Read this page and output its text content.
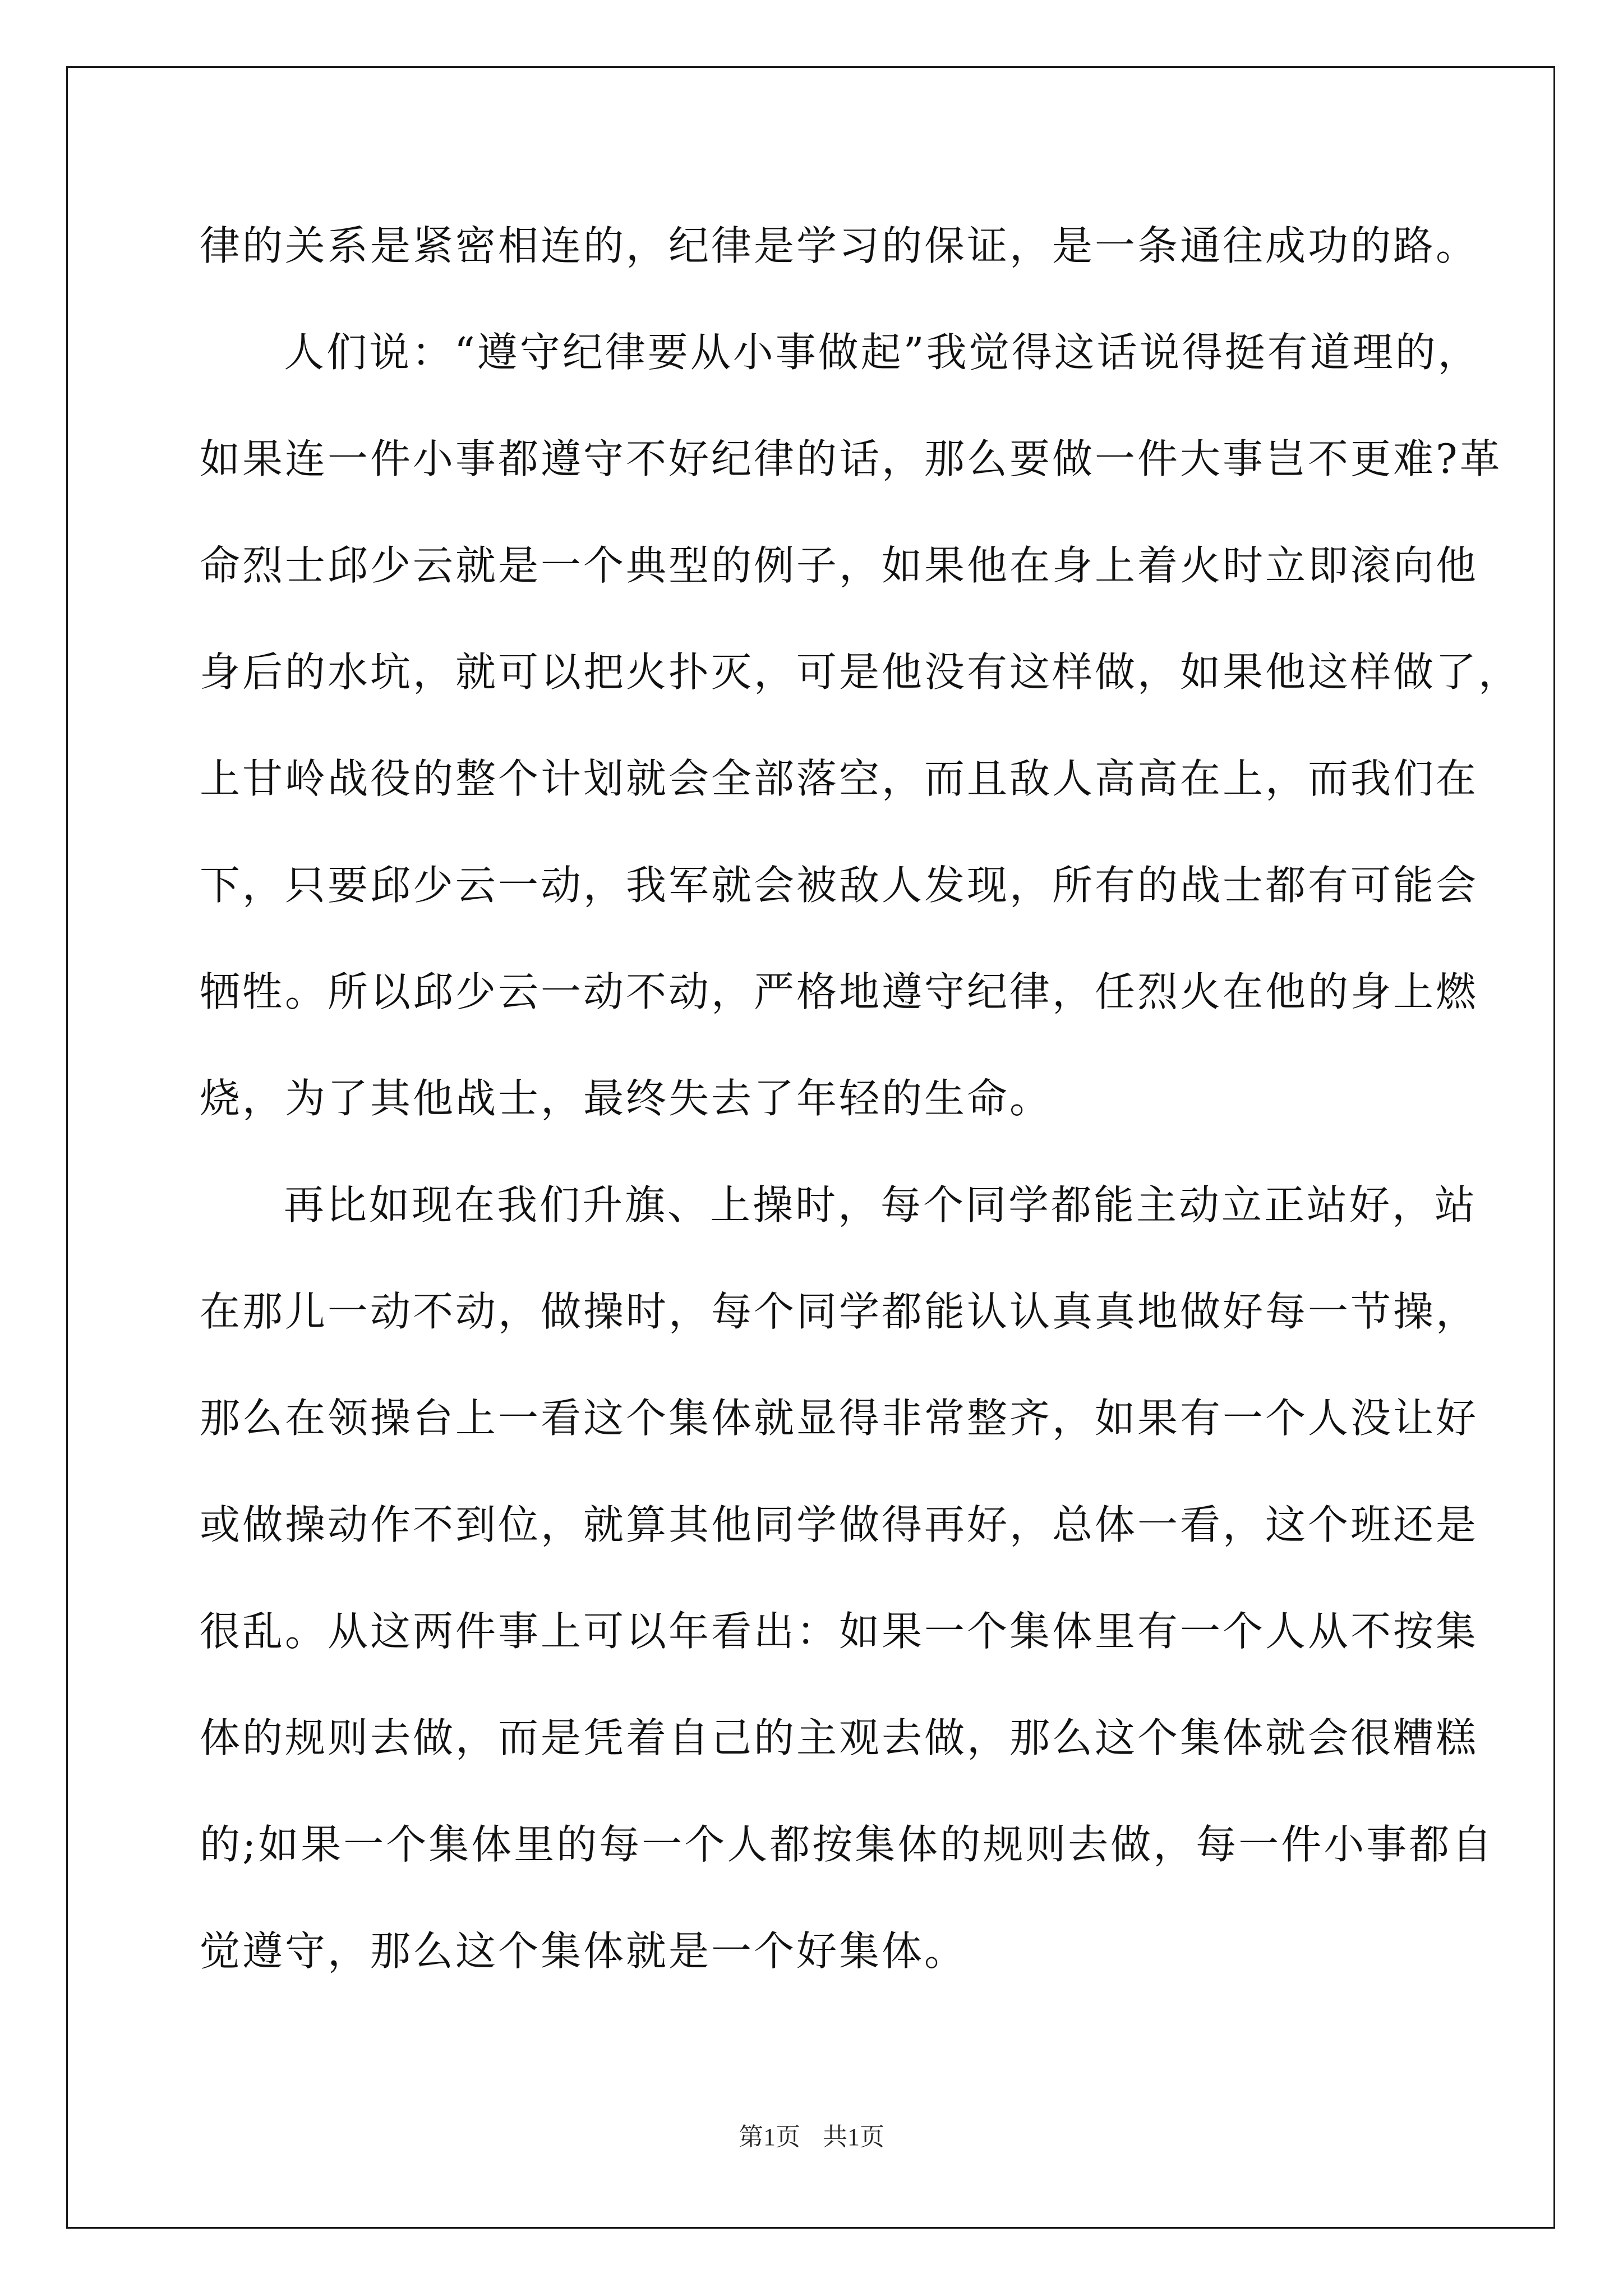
律的关系是紧密相连的，纪律是学习的保证，是一条通往成功的路。
人们说：“遵守纪律要从小事做起”我觉得这话说得挺有道理的，
如果连一件小事都遵守不好纪律的话，那么要做一件大事岂不更难?革
命烈士邱少云就是一个典型的例子，如果他在身上着火时立即滚向他
身后的水坑，就可以把火扑灭，可是他没有这样做，如果他这样做了，
上甘岭战役的整个计划就会全部落空，而且敌人高高在上，而我们在
下，只要邱少云一动，我军就会被敌人发现，所有的战士都有可能会
牺牲。所以邱少云一动不动，严格地遵守纪律，任烈火在他的身上燃
烧，为了其他战士，最终失去了年轻的生命。
再比如现在我们升旗、上操时，每个同学都能主动立正站好，站
在那儿一动不动，做操时，每个同学都能认认真真地做好每一节操，
那么在领操台上一看这个集体就显得非常整齐，如果有一个人没让好
或做操动作不到位，就算其他同学做得再好，总体一看，这个班还是
很乱。从这两件事上可以年看出：如果一个集体里有一个人从不按集
体的规则去做，而是凭着自己的主观去做，那么这个集体就会很糟糕
的;如果一个集体里的每一个人都按集体的规则去做，每一件小事都自
觉遵守，那么这个集体就是一个好集体。
第1页 共1页
